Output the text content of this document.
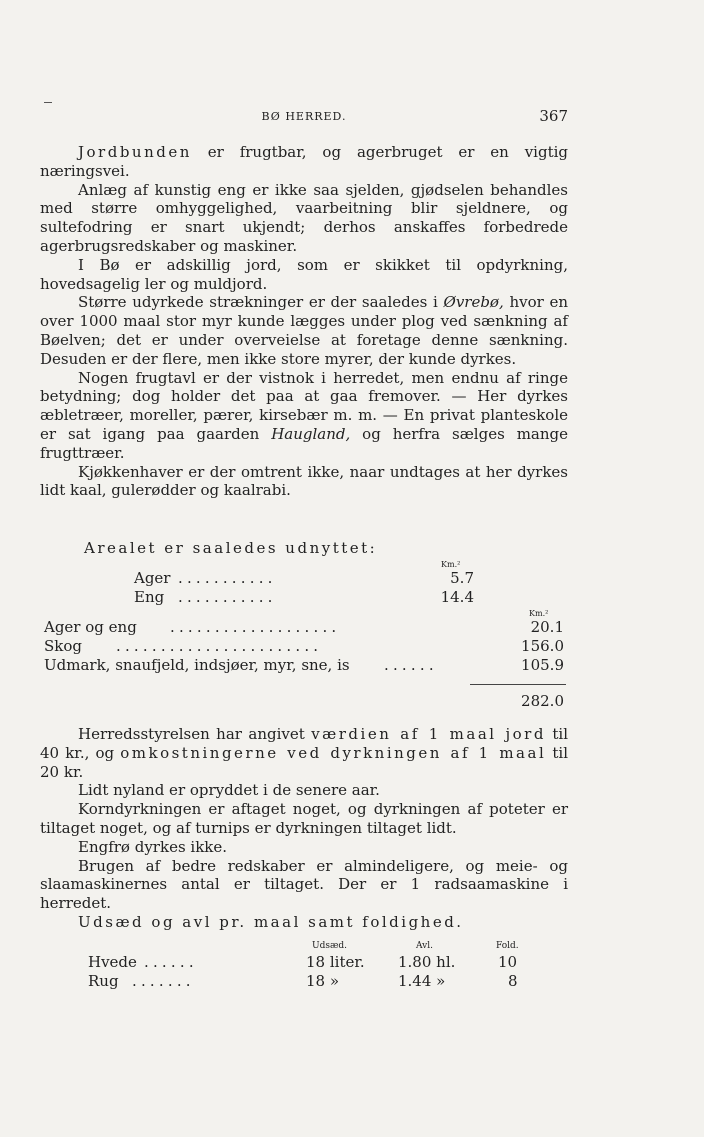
BØ HERRED.	367

Jordbunden er frugtbar, og agerbruget er en vigtig næringsvei.

Anlæg af kunstig eng er ikke saa sjelden, gjødselen behandles med større omhyggelighed, vaarbeitning blir sjeldnere, og sultefodring er snart ukjendt; derhos anskaffes forbedrede agerbrugsredskaber og maskiner.

I Bø er adskillig jord, som er skikket til opdyrkning, hovedsagelig ler og muldjord.

Større udyrkede strækninger er der saaledes i Øvrebø, hvor en over 1000 maal stor myr kunde lægges under plog ved sænkning af Bøelven; det er under overveielse at foretage denne sænkning. Desuden er der flere, men ikke store myrer, der kunde dyrkes.

Nogen frugtavl er der vistnok i herredet, men endnu af ringe betydning; dog holder det paa at gaa fremover. — Her dyrkes æbletræer, moreller, pærer, kirsebær m. m. — En privat planteskole er sat igang paa gaarden Haugland, og herfra sælges mange frugttræer.

Kjøkkenhaver er der omtrent ikke, naar undtages at her dyrkes lidt kaal, gulerødder og kaalrabi.

Arealet er saaledes udnyttet:

Km.²
Ager ...........	5.7
Eng ...........	14.4
Km.²
Ager og eng ...................	20.1
Skog .......................	156.0
Udmark, snaufjeld, indsjøer, myr, sne, is ......	105.9
282.0

Herredsstyrelsen har angivet værdien af 1 maal jord til 40 kr., og omkostningerne ved dyrkningen af 1 maal til 20 kr.

Lidt nyland er opryddet i de senere aar.

Korndyrkningen er aftaget noget, og dyrkningen af poteter er tiltaget noget, og af turnips er dyrkningen tiltaget lidt.

Engfrø dyrkes ikke.

Brugen af bedre redskaber er almindeligere, og meie- og slaamaskinernes antal er tiltaget. Der er 1 radsaamaskine i herredet.

Udsæd og avl pr. maal samt foldighed.

Udsæd.	Avl.	Fold.
Hvede ......	18 liter. 1.80 hl.	10
Rug .......	18 »	1.44 »	8
